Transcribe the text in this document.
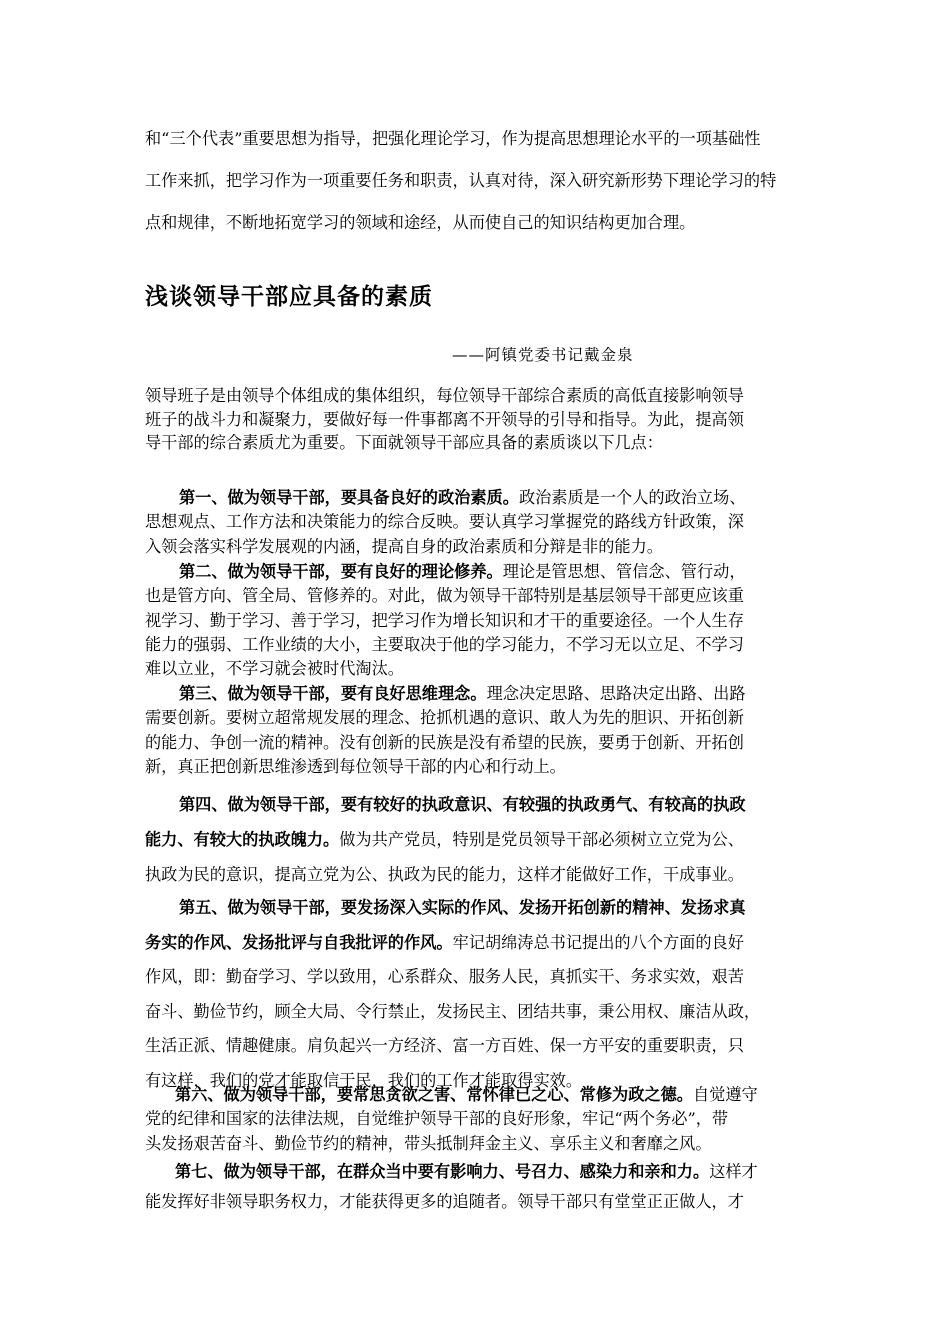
和“三个代表”重要思想为指导，把强化理论学习，作为提高思想理论水平的一项基础性
工作来抓，把学习作为一项重要任务和职责，认真对待，深入研究新形势下理论学习的特
点和规律，不断地拓宽学习的领域和途经，从而使自己的知识结构更加合理。
浅谈领导干部应具备的素质

——阿镇党委书记戴金泉

领导班子是由领导个体组成的集体组织，每位领导干部综合素质的高低直接影响领导
班子的战斗力和凝聚力，要做好每一件事都离不开领导的引导和指导。为此，提高领
导干部的综合素质尤为重要。下面就领导干部应具备的素质谈以下几点：
第一、做为领导干部，要具备良好的政治素质。政治素质是一个人的政治立场、
思想观点、工作方法和决策能力的综合反映。要认真学习掌握党的路线方针政策，深
入领会落实科学发展观的内涵，提高自身的政治素质和分辩是非的能力。
第二、做为领导干部，要有良好的理论修养。理论是管思想、管信念、管行动，
也是管方向、管全局、管修养的。对此，做为领导干部特别是基层领导干部更应该重
视学习、勤于学习、善于学习，把学习作为增长知识和才干的重要途径。一个人生存
能力的强弱、工作业绩的大小，主要取决于他的学习能力，不学习无以立足、不学习
难以立业，不学习就会被时代淘汰。
第三、做为领导干部，要有良好思维理念。理念决定思路、思路决定出路、出路
需要创新。要树立超常规发展的理念、抢抓机遇的意识、敢人为先的胆识、开拓创新
的能力、争创一流的精神。没有创新的民族是没有希望的民族，要勇于创新、开拓创
新，真正把创新思维渗透到每位领导干部的内心和行动上。
第四、做为领导干部，要有较好的执政意识、有较强的执政勇气、有较高的执政
能力、有较大的执政魄力。做为共产党员，特别是党员领导干部必须树立立党为公、
执政为民的意识，提高立党为公、执政为民的能力，这样才能做好工作，干成事业。
第五、做为领导干部，要发扬深入实际的作风、发扬开拓创新的精神、发扬求真
务实的作风、发扬批评与自我批评的作风。牢记胡绵涛总书记提出的八个方面的良好
作风，即：勤奋学习、学以致用，心系群众、服务人民，真抓实干、务求实效，艰苦
奋斗、勤俭节约，顾全大局、令行禁止，发扬民主、团结共事，秉公用权、廉洁从政，
生活正派、情趣健康。肩负起兴一方经济、富一方百姓、保一方平安的重要职责，只
有这样，我们的党才能取信于民，我们的工作才能取得实效。
第六、做为领导干部，要常思贪欲之害、常怀律已之心、常修为政之德。自觉遵守
党的纪律和国家的法律法规，自觉维护领导干部的良好形象，牢记“两个务必”，带
头发扬艰苦奋斗、勤俭节约的精神，带头抵制拜金主义、享乐主义和奢靡之风。
第七、做为领导干部，在群众当中要有影响力、号召力、感染力和亲和力。这样才
能发挥好非领导职务权力，才能获得更多的追随者。领导干部只有堂堂正正做人，才
